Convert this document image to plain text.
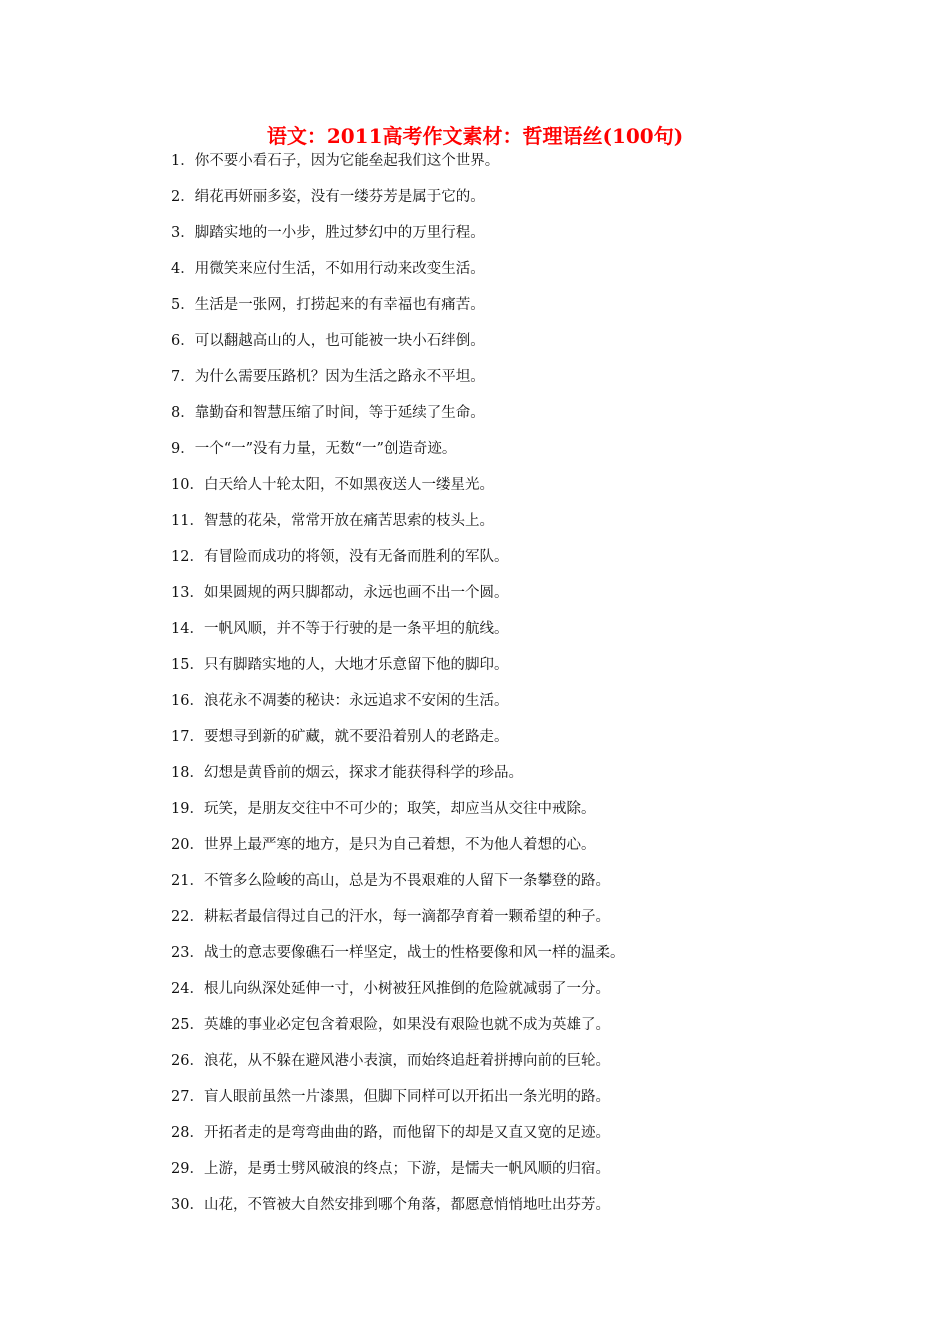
语文：2011高考作文素材：哲理语丝(100句)
1．你不要小看石子，因为它能垒起我们这个世界。
2．绢花再妍丽多姿，没有一缕芬芳是属于它的。
3．脚踏实地的一小步，胜过梦幻中的万里行程。
4．用微笑来应付生活，不如用行动来改变生活。
5．生活是一张网，打捞起来的有幸福也有痛苦。
6．可以翻越高山的人，也可能被一块小石绊倒。
7．为什么需要压路机？因为生活之路永不平坦。
8．靠勤奋和智慧压缩了时间，等于延续了生命。
9．一个“一”没有力量，无数“一”创造奇迹。
10．白天给人十轮太阳，不如黑夜送人一缕星光。
11．智慧的花朵，常常开放在痛苦思索的枝头上。
12．有冒险而成功的将领，没有无备而胜利的军队。
13．如果圆规的两只脚都动，永远也画不出一个圆。
14．一帆风顺，并不等于行驶的是一条平坦的航线。
15．只有脚踏实地的人，大地才乐意留下他的脚印。
16．浪花永不凋萎的秘诀：永远追求不安闲的生活。
17．要想寻到新的矿藏，就不要沿着别人的老路走。
18．幻想是黄昏前的烟云，探求才能获得科学的珍品。
19．玩笑，是朋友交往中不可少的；取笑，却应当从交往中戒除。
20．世界上最严寒的地方，是只为自己着想，不为他人着想的心。
21．不管多么险峻的高山，总是为不畏艰难的人留下一条攀登的路。
22．耕耘者最信得过自己的汗水，每一滴都孕育着一颗希望的种子。
23．战士的意志要像礁石一样坚定，战士的性格要像和风一样的温柔。
24．根儿向纵深处延伸一寸，小树被狂风推倒的危险就减弱了一分。
25．英雄的事业必定包含着艰险，如果没有艰险也就不成为英雄了。
26．浪花，从不躲在避风港小表演，而始终追赶着拼搏向前的巨轮。
27．盲人眼前虽然一片漆黑，但脚下同样可以开拓出一条光明的路。
28．开拓者走的是弯弯曲曲的路，而他留下的却是又直又宽的足迹。
29．上游，是勇士劈风破浪的终点；下游，是懦夫一帆风顺的归宿。
30．山花，不管被大自然安排到哪个角落，都愿意悄悄地吐出芬芳。
